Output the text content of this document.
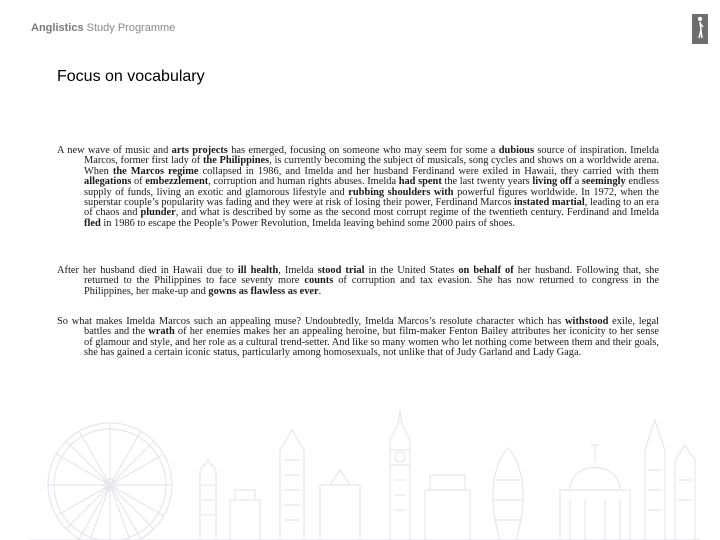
Anglistics Study Programme
Focus on vocabulary
A new wave of music and arts projects has emerged, focusing on someone who may seem for some a dubious source of inspiration. Imelda Marcos, former first lady of the Philippines, is currently becoming the subject of musicals, song cycles and shows on a worldwide arena. When the Marcos regime collapsed in 1986, and Imelda and her husband Ferdinand were exiled in Hawaii, they carried with them allegations of embezzlement, corruption and human rights abuses. Imelda had spent the last twenty years living off a seemingly endless supply of funds, living an exotic and glamorous lifestyle and rubbing shoulders with powerful figures worldwide. In 1972, when the superstar couple’s popularity was fading and they were at risk of losing their power, Ferdinand Marcos instated martial, leading to an era of chaos and plunder, and what is described by some as the second most corrupt regime of the twentieth century. Ferdinand and Imelda fled in 1986 to escape the People’s Power Revolution, Imelda leaving behind some 2000 pairs of shoes.
After her husband died in Hawaii due to ill health, Imelda stood trial in the United States on behalf of her husband. Following that, she returned to the Philippines to face seventy more counts of corruption and tax evasion. She has now returned to congress in the Philippines, her make-up and gowns as flawless as ever.
So what makes Imelda Marcos such an appealing muse? Undoubtedly, Imelda Marcos’s resolute character which has withstood exile, legal battles and the wrath of her enemies makes her an appealing heroine, but film-maker Fenton Bailey attributes her iconicity to her sense of glamour and style, and her role as a cultural trend-setter. And like so many women who let nothing come between them and their goals, she has gained a certain iconic status, particularly among homosexuals, not unlike that of Judy Garland and Lady Gaga.
